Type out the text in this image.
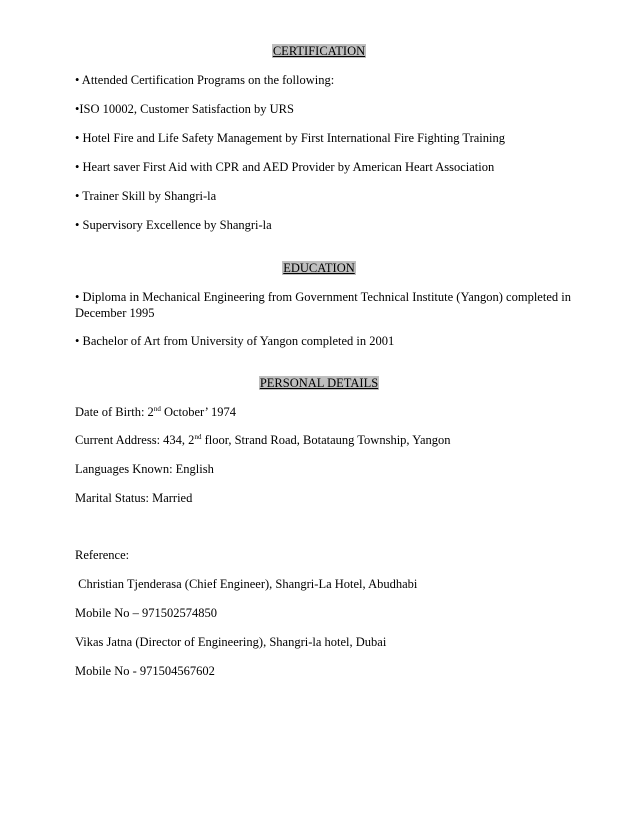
CERTIFICATION
• Attended Certification Programs on the following:
•ISO 10002, Customer Satisfaction by URS
• Hotel Fire and Life Safety Management by First International Fire Fighting Training
• Heart saver First Aid with CPR and AED Provider by American Heart Association
• Trainer Skill by Shangri-la
• Supervisory Excellence by Shangri-la
EDUCATION
• Diploma in Mechanical Engineering from Government Technical Institute (Yangon) completed in December 1995
• Bachelor of Art from University of Yangon completed in 2001
PERSONAL DETAILS
Date of Birth: 2nd October’ 1974
Current Address: 434, 2nd floor, Strand Road, Botataung Township, Yangon
Languages Known: English
Marital Status: Married
Reference:
Christian Tjenderasa (Chief Engineer), Shangri-La Hotel, Abudhabi
Mobile No – 971502574850
Vikas Jatna (Director of Engineering), Shangri-la hotel, Dubai
Mobile No - 971504567602
